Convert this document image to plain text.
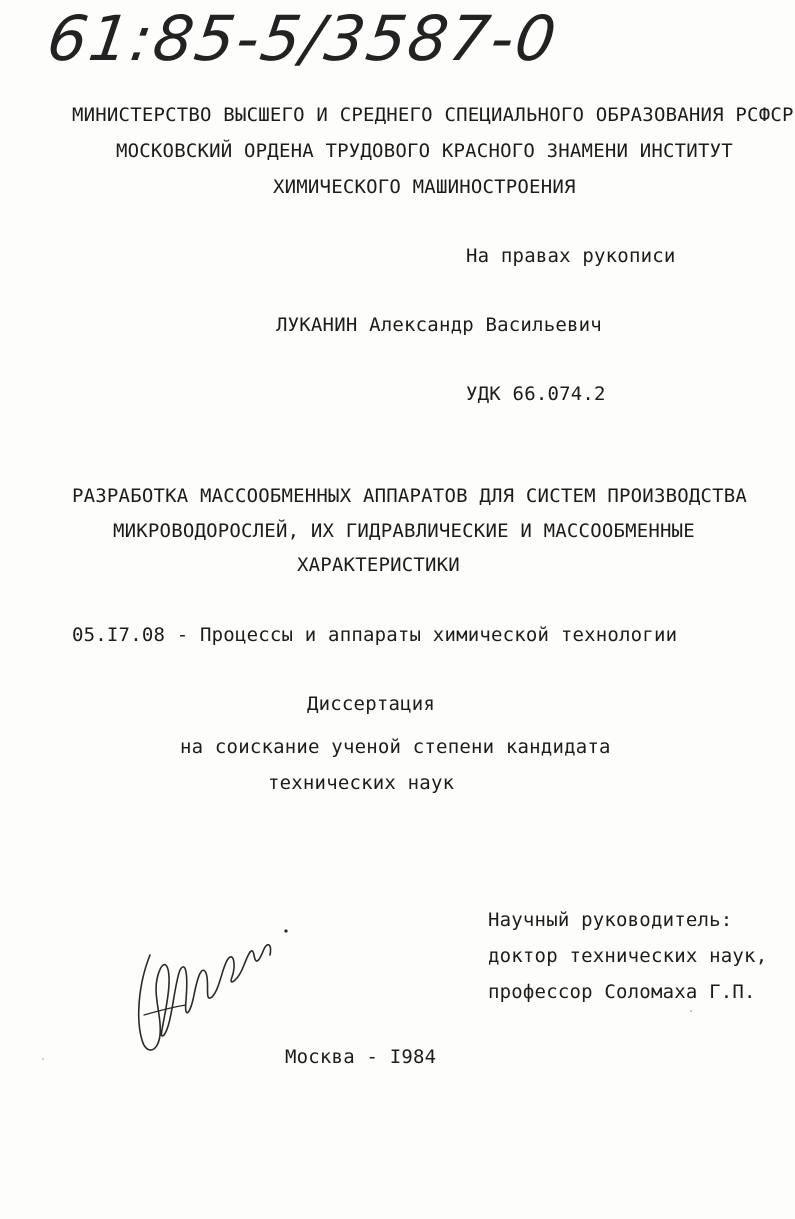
61:85-5/3587-0
МИНИСТЕРСТВО ВЫСШЕГО И СРЕДНЕГО СПЕЦИАЛЬНОГО ОБРАЗОВАНИЯ РСФСР
МОСКОВСКИЙ ОРДЕНА ТРУДОВОГО КРАСНОГО ЗНАМЕНИ ИНСТИТУТ
ХИМИЧЕСКОГО МАШИНОСТРОЕНИЯ
На правах рукописи
ЛУКАНИН Александр Васильевич
УДК 66.074.2
РАЗРАБОТКА МАССООБМЕННЫХ АППАРАТОВ ДЛЯ СИСТЕМ ПРОИЗВОДСТВА
МИКРОВОДОРОСЛЕЙ, ИХ ГИДРАВЛИЧЕСКИЕ И МАССООБМЕННЫЕ
ХАРАКТЕРИСТИКИ
05.I7.08 - Процессы и аппараты химической технологии
Диссертация
на соискание ученой степени кандидата
технических наук
Научный руководитель:
доктор технических наук,
профессор Соломаха Г.П.
Москва - I984
